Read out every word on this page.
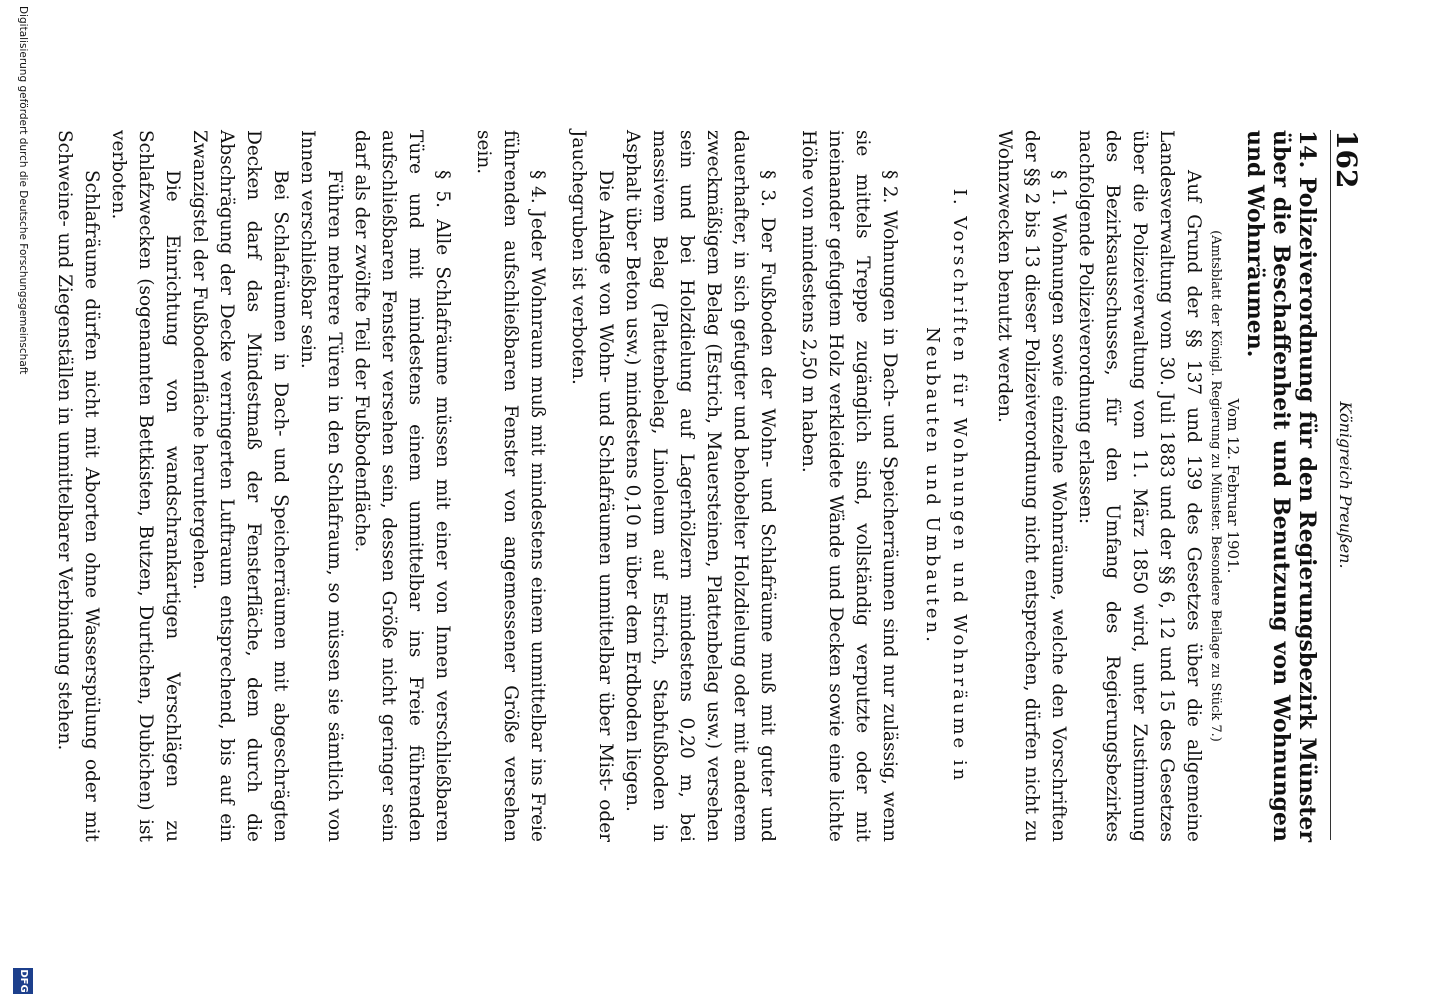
162
Königreich Preußen.

14. Polizeiverordnung für den Regierungsbezirk Münster über die Beschaffenheit und Benutzung von Wohnungen und Wohnräumen.

Vom 12. Februar 1901.

(Amtsblatt der Königl. Regierung zu Münster. Besondere Beilage zu Stück 7.)

Auf Grund der §§ 137 und 139 des Gesetzes über die allgemeine Landesverwaltung vom 30. Juli 1883 und der §§ 6, 12 und 15 des Gesetzes über die Polizeiverwaltung vom 11. März 1850 wird, unter Zustimmung des Bezirksausschusses, für den Umfang des Regierungsbezirkes nachfolgende Polizeiverordnung erlassen:

§ 1. Wohnungen sowie einzelne Wohnräume, welche den Vorschriften der §§ 2 bis 13 dieser Polizeiverordnung nicht entsprechen, dürfen nicht zu Wohnzwecken benutzt werden.

I. Vorschriften für Wohnungen und Wohnräume in Neubauten und Umbauten.

§ 2. Wohnungen in Dach- und Speicherräumen sind nur zulässig, wenn sie mittels Treppe zugänglich sind, vollständig verputzte oder mit ineinander gefugtem Holz verkleidete Wände und Decken sowie eine lichte Höhe von mindestens 2,50 m haben.

§ 3. Der Fußboden der Wohn- und Schlafräume muß mit guter und dauerhafter, in sich gefugter und behobelter Holzdielung oder mit anderem zweckmäßigem Belag (Estrich, Mauersteinen, Plattenbelag usw.) versehen sein und bei Holzdielung auf Lagerhölzern mindestens 0,20 m, bei massivem Belag (Plattenbelag, Linoleum auf Estrich, Stabfußboden in Asphalt über Beton usw.) mindestens 0,10 m über dem Erdboden liegen.

Die Anlage von Wohn- und Schlafräumen unmittelbar über Mist- oder Jauchegruben ist verboten.

§ 4. Jeder Wohnraum muß mit mindestens einem unmittelbar ins Freie führenden aufschließbaren Fenster von angemessener Größe versehen sein.

§ 5. Alle Schlafräume müssen mit einer von Innen verschließbaren Türe und mit mindestens einem unmittelbar ins Freie führenden aufschließbaren Fenster versehen sein, dessen Größe nicht geringer sein darf als der zwölfte Teil der Fußbodenfläche.

Führen mehrere Türen in den Schlafraum, so müssen sie sämtlich von Innen verschließbar sein.

Bei Schlafräumen in Dach- und Speicherräumen mit abgeschrägten Decken darf das Mindestmaß der Fensterfläche, dem durch die Abschrägung der Decke verringerten Luftraum entsprechend, bis auf ein Zwanzigstel der Fußbodenfläche heruntergehen.

Die Einrichtung von wandschrankartigen Verschlägen zu Schlafzwecken (sogenannten Bettkisten, Butzen, Durtichen, Dubichen) ist verboten.

Schlafräume dürfen nicht mit Aborten ohne Wasserspülung oder mit Schweine- und Ziegenställen in unmittelbarer Verbindung stehen.

Digitalisierung gefördert durch die Deutsche Forschungsgemeinschaft
DFG
